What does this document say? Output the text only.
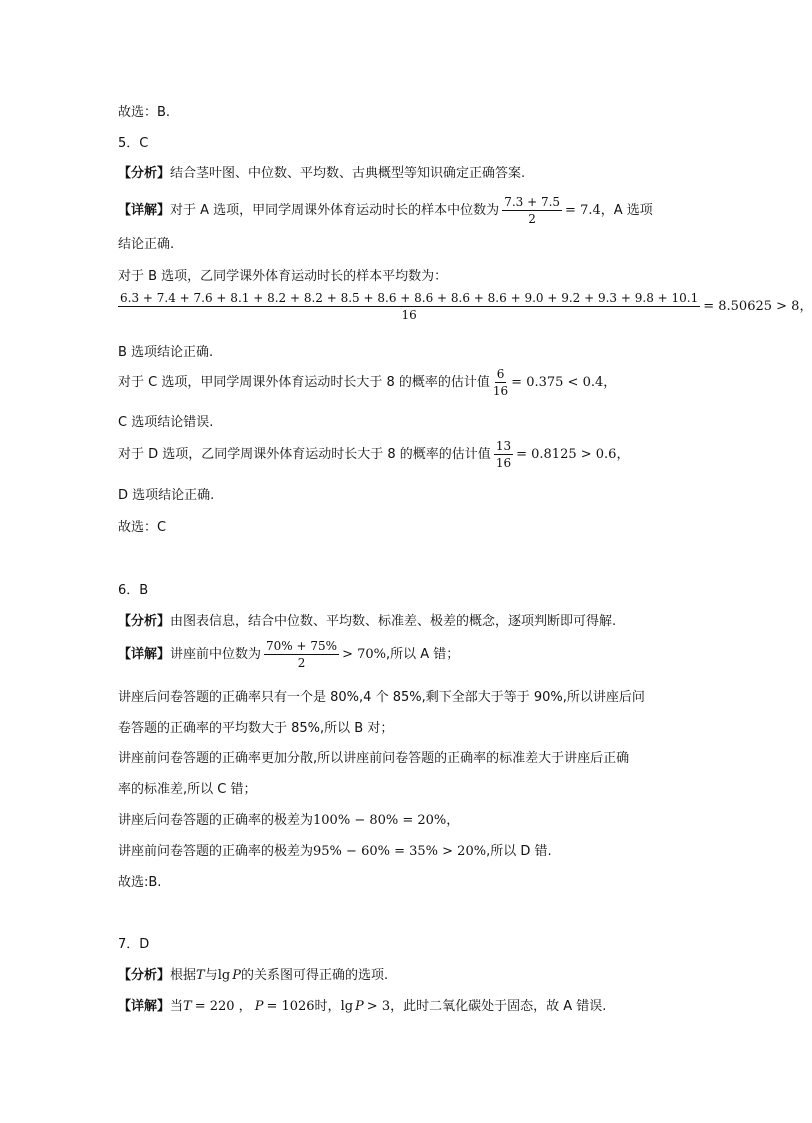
故选：B.
5．C
【分析】 结合茎叶图、中位数、平均数、古典概型等知识确定正确答案.
【详解】 对于 A 选项，甲同学周课外体育运动时长的样本中位数为 $\frac{7.3 + 7.5}{2} = 7.4$ ，A 选项
结论正确.
对于 B 选项，乙同学课外体育运动时长的样本平均数为：
6.3 + 7.4 + 7.6 + 8.1 + 8.2 + 8.2 + 8.5 + 8.6 + 8.6 + 8.6 + 8.6 + 9.0 + 9.2 + 9.3 + 9.8 + 10.1
16
= 8.50625 > 8 ，
B 选项结论正确.
对于 C 选项，甲同学周课外体育运动时长大于 8 的概率的估计值 $\frac{6}{16} = 0.375 < 0.4$ ，
C 选项结论错误.
对于 D 选项，乙同学周课外体育运动时长大于 8 的概率的估计值 $\frac{13}{16} = 0.8125 > 0.6$ ，
D 选项结论正确.
故选：C
6．B
【分析】 由图表信息，结合中位数、平均数、标准差、极差的概念，逐项判断即可得解.
【详解】 讲座前中位数为 $\frac{70\% + 75\%}{2} > 70\%$ ,所以 A 错；
讲座后问卷答题的正确率只有一个是 80%,4 个 85%,剩下全部大于等于 90%,所以讲座后问
卷答题的正确率的平均数大于 85%,所以 B 对；
讲座前问卷答题的正确率更加分散,所以讲座前问卷答题的正确率的标准差大于讲座后正确
率的标准差,所以 C 错；
讲座后问卷答题的正确率的极差为 100% − 80% = 20% ，
讲座前问卷答题的正确率的极差为 95% − 60% = 35% > 20% ,所以 D 错.
故选:B.
7．D
【分析】 根据 T 与 lg P 的关系图可得正确的选项.
【详解】 当 T = 220 ， P = 1026 时， lg P > 3 ，此时二氧化碳处于固态，故 A 错误.
